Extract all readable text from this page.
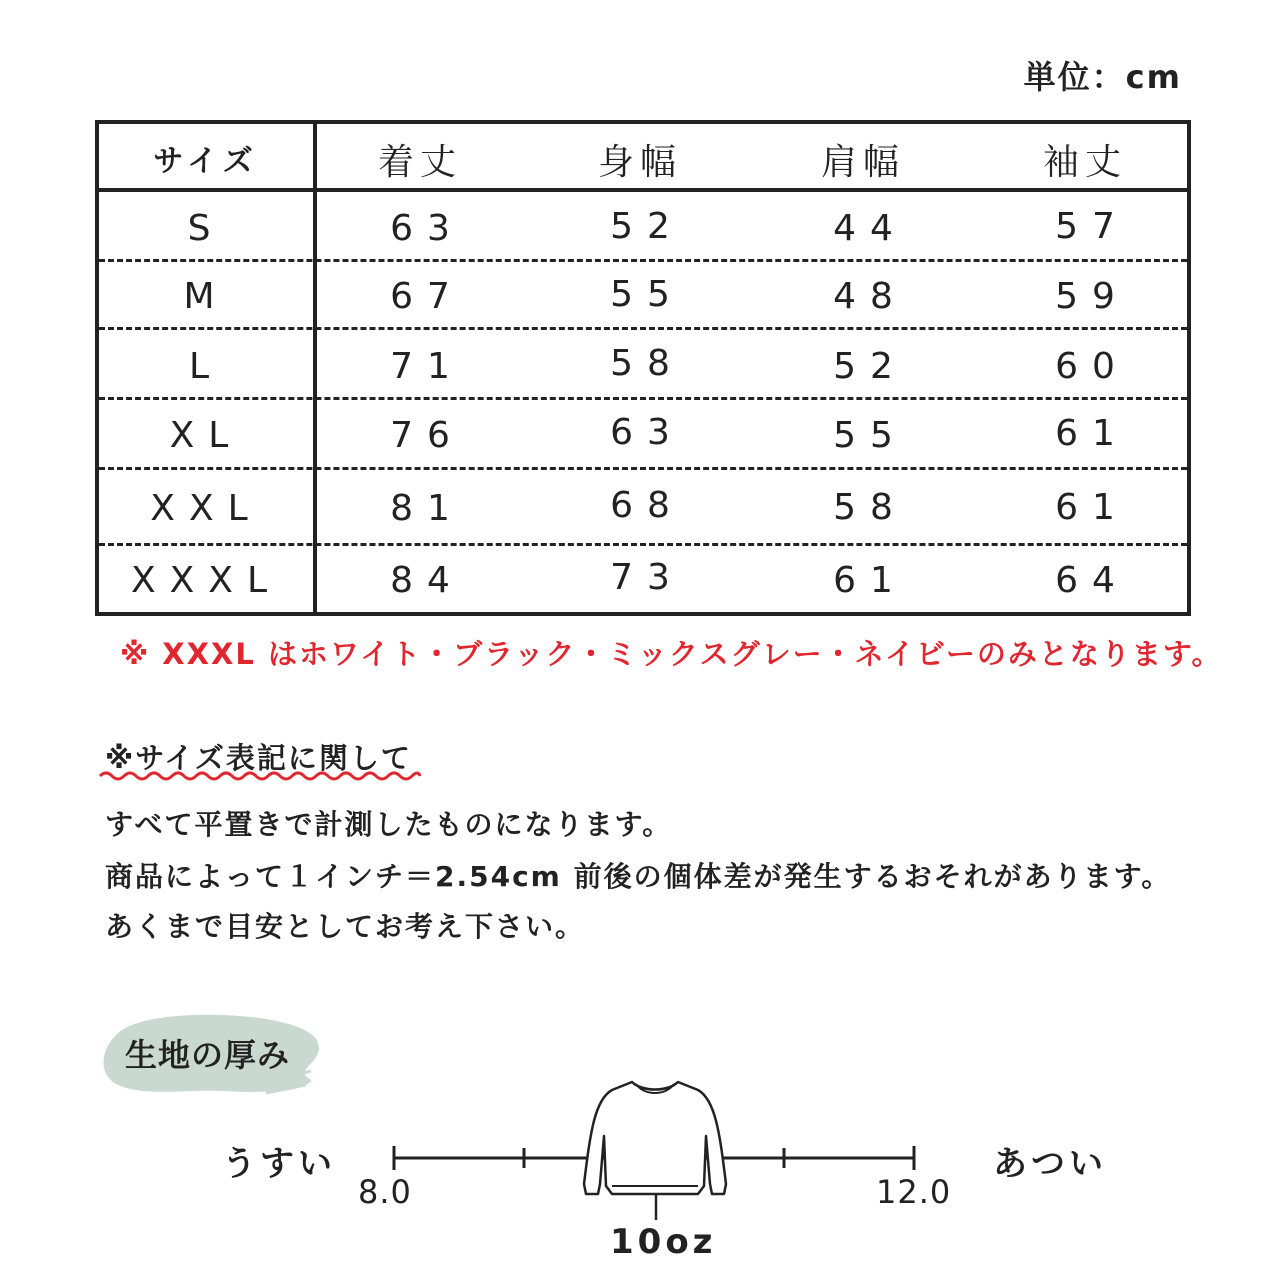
単位：cm
サイズ	着丈	身幅	肩幅	袖丈
S	63	52	44	57
M	67	55	48	59
L	71	58	52	60
XL	76	63	55	61
XXL	81	68	58	61
XXXL	84	73	61	64
※ XXXL はホワイト・ブラック・ミックスグレー・ネイビーのみとなります。
※サイズ表記に関して
すべて平置きで計測したものになります。
商品によって１インチ＝2.54cm 前後の個体差が発生するおそれがあります。
あくまで目安としてお考え下さい。
生地の厚み
うすい	あつい
8.0	12.0
10oz
